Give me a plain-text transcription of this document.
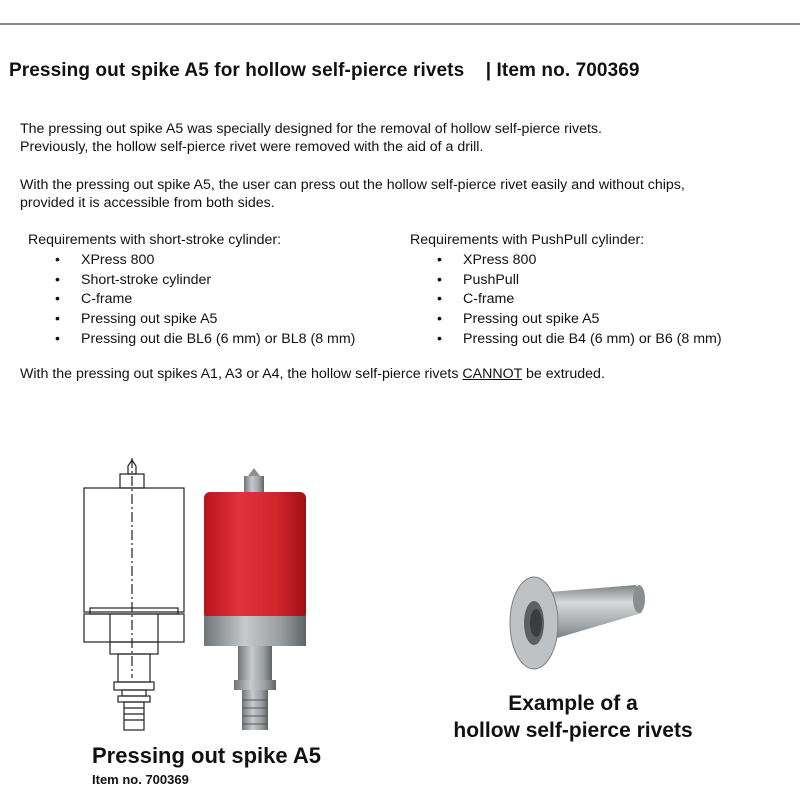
Pressing out spike A5 for hollow self-pierce rivets    | Item no. 700369
The pressing out spike A5 was specially designed for the removal of hollow self-pierce rivets.
Previously, the hollow self-pierce rivet were removed with the aid of a drill.
With the pressing out spike A5, the user can press out the hollow self-pierce rivet easily and without chips,
provided it is accessible from both sides.
Requirements with short-stroke cylinder:
• XPress 800
• Short-stroke cylinder
• C-frame
• Pressing out spike A5
• Pressing out die BL6 (6 mm) or BL8 (8 mm)
Requirements with PushPull cylinder:
• XPress 800
• PushPull
• C-frame
• Pressing out spike A5
• Pressing out die B4 (6 mm) or B6 (8 mm)
With the pressing out spikes A1, A3 or A4, the hollow self-pierce rivets CANNOT be extruded.
Example of a
hollow self-pierce rivets
Pressing out spike A5
Item no. 700369
